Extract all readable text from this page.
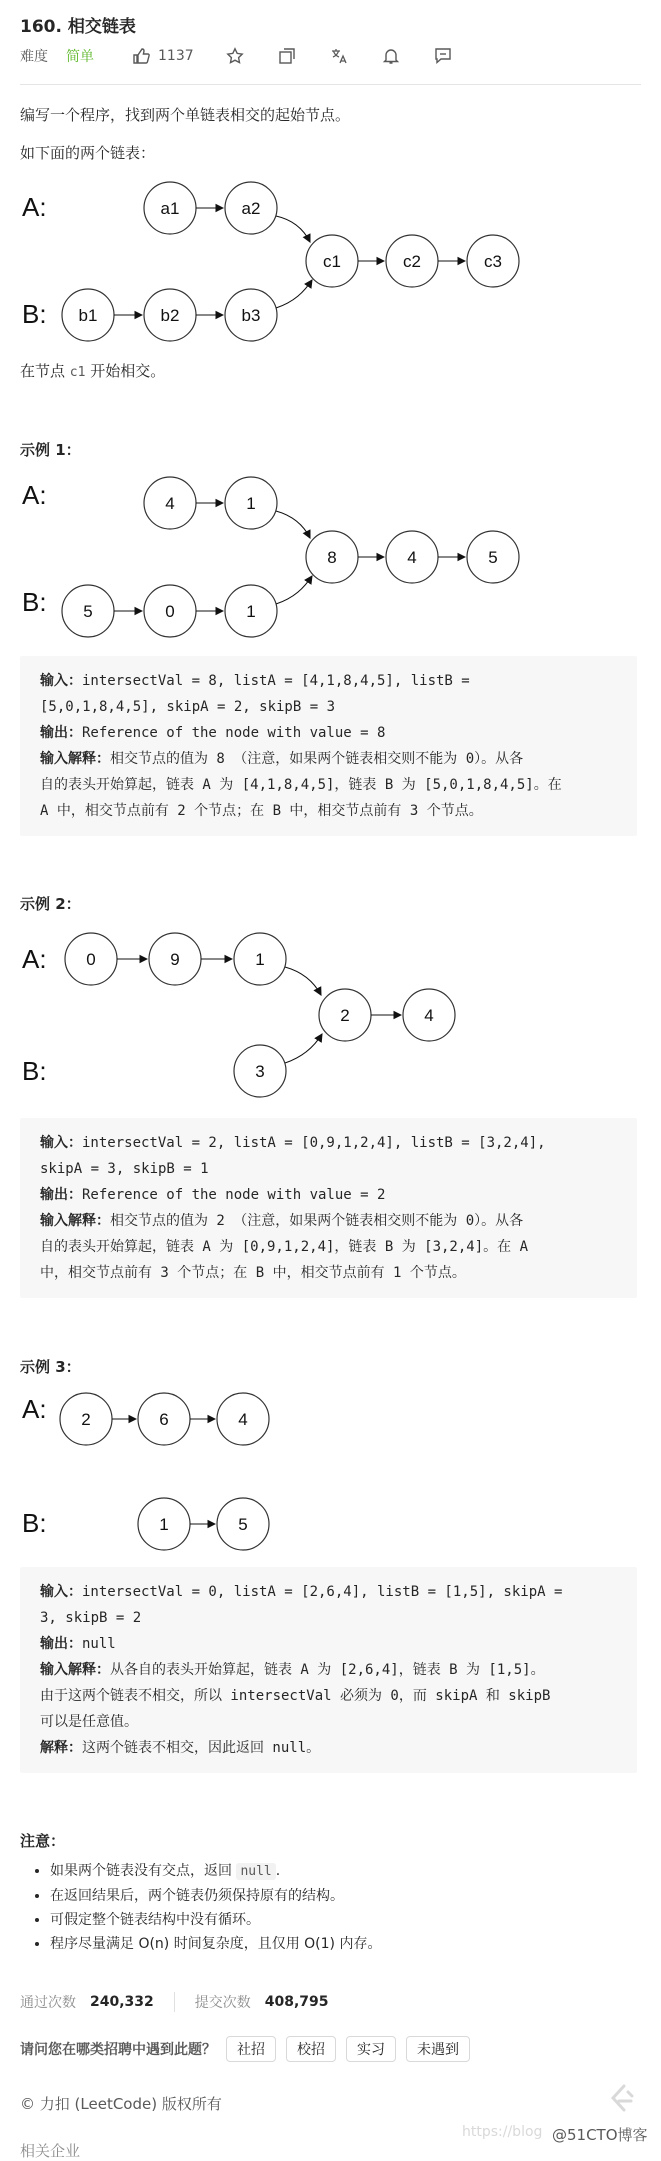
160. 相交链表
难度 简单	1137
编写一个程序，找到两个单链表相交的起始节点。
如下面的两个链表：
A:
B:
a1	a2
b1	b2	b3
c1	c2	c3
在节点 c1 开始相交。
示例 1：
A:
B:
4	1
5	0	1
8	4	5
输入：intersectVal = 8, listA = [4,1,8,4,5], listB =
[5,0,1,8,4,5], skipA = 2, skipB = 3
输出：Reference of the node with value = 8
输入解释：相交节点的值为 8 （注意，如果两个链表相交则不能为 0）。从各
自的表头开始算起，链表 A 为 [4,1,8,4,5]，链表 B 为 [5,0,1,8,4,5]。在
A 中，相交节点前有 2 个节点；在 B 中，相交节点前有 3 个节点。
示例 2：
A:
B:
0	9	1
3
2	4
输入：intersectVal = 2, listA = [0,9,1,2,4], listB = [3,2,4],
skipA = 3, skipB = 1
输出：Reference of the node with value = 2
输入解释：相交节点的值为 2 （注意，如果两个链表相交则不能为 0）。从各
自的表头开始算起，链表 A 为 [0,9,1,2,4]，链表 B 为 [3,2,4]。在 A
中，相交节点前有 3 个节点；在 B 中，相交节点前有 1 个节点。
示例 3：
A:
B:
2	6	4
1	5
输入：intersectVal = 0, listA = [2,6,4], listB = [1,5], skipA =
3, skipB = 2
输出：null
输入解释：从各自的表头开始算起，链表 A 为 [2,6,4]，链表 B 为 [1,5]。
由于这两个链表不相交，所以 intersectVal 必须为 0，而 skipA 和 skipB
可以是任意值。
解释：这两个链表不相交，因此返回 null。
注意：
• 如果两个链表没有交点，返回 null .
• 在返回结果后，两个链表仍须保持原有的结构。
• 可假定整个链表结构中没有循环。
• 程序尽量满足 O(n) 时间复杂度，且仅用 O(1) 内存。
通过次数 240,332	提交次数 408,795
请问您在哪类招聘中遇到此题？	社招	校招	实习	未遇到
© 力扣 (LeetCode) 版权所有
https://blog @51CTO博客
相关企业
